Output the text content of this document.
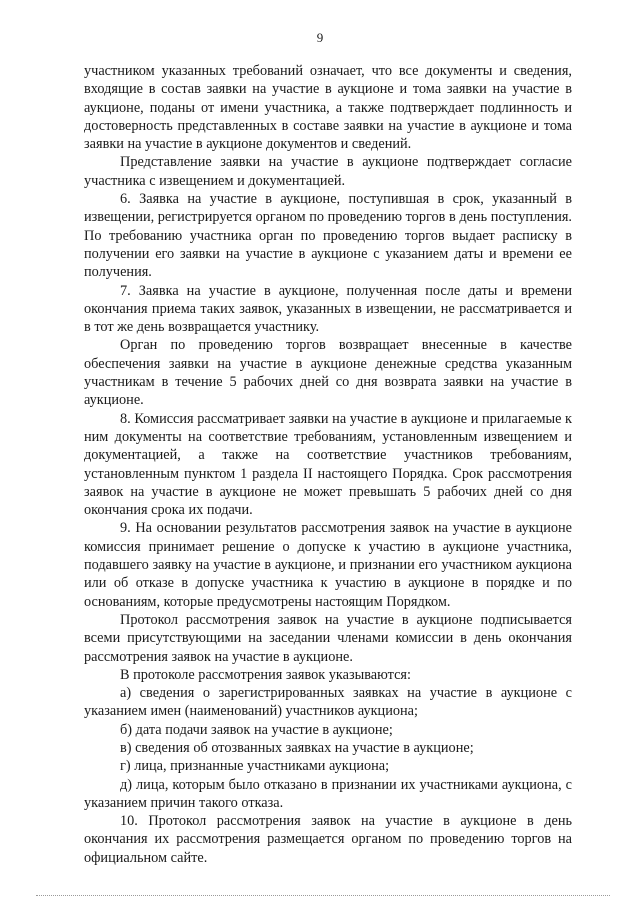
9

участником указанных требований означает, что все документы и сведения, входящие в состав заявки на участие в аукционе и тома заявки на участие в аукционе, поданы от имени участника, а также подтверждает подлинность и достоверность представленных в составе заявки на участие в аукционе и тома заявки на участие в аукционе документов и сведений.

Представление заявки на участие в аукционе подтверждает согласие участника с извещением и документацией.

6. Заявка на участие в аукционе, поступившая в срок, указанный в извещении, регистрируется органом по проведению торгов в день поступления. По требованию участника орган по проведению торгов выдает расписку в получении его заявки на участие в аукционе с указанием даты и времени ее получения.

7. Заявка на участие в аукционе, полученная после даты и времени окончания приема таких заявок, указанных в извещении, не рассматривается и в тот же день возвращается участнику.

Орган по проведению торгов возвращает внесенные в качестве обеспечения заявки на участие в аукционе денежные средства указанным участникам в течение 5 рабочих дней со дня возврата заявки на участие в аукционе.

8. Комиссия рассматривает заявки на участие в аукционе и прилагаемые к ним документы на соответствие требованиям, установленным извещением и документацией, а также на соответствие участников требованиям, установленным пунктом 1 раздела II настоящего Порядка. Срок рассмотрения заявок на участие в аукционе не может превышать 5 рабочих дней со дня окончания срока их подачи.

9. На основании результатов рассмотрения заявок на участие в аукционе комиссия принимает решение о допуске к участию в аукционе участника, подавшего заявку на участие в аукционе, и признании его участником аукциона или об отказе в допуске участника к участию в аукционе в порядке и по основаниям, которые предусмотрены настоящим Порядком.

Протокол рассмотрения заявок на участие в аукционе подписывается всеми присутствующими на заседании членами комиссии в день окончания рассмотрения заявок на участие в аукционе.

В протоколе рассмотрения заявок указываются:

а) сведения о зарегистрированных заявках на участие в аукционе с указанием имен (наименований) участников аукциона;

б) дата подачи заявок на участие в аукционе;

в) сведения об отозванных заявках на участие в аукционе;

г) лица, признанные участниками аукциона;

д) лица, которым было отказано в признании их участниками аукциона, с указанием причин такого отказа.

10. Протокол рассмотрения заявок на участие в аукционе в день окончания их рассмотрения размещается органом по проведению торгов на официальном сайте.
